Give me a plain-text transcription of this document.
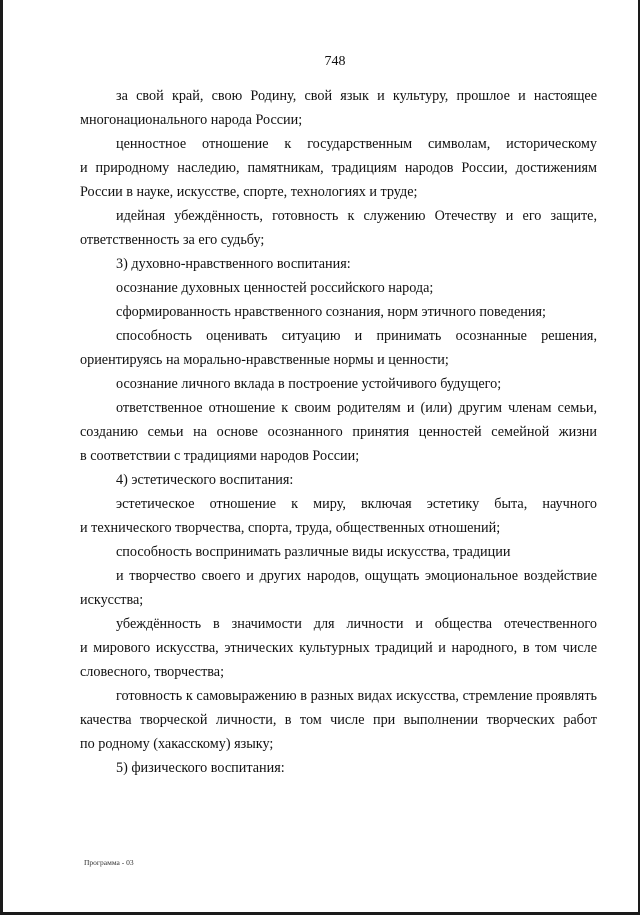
748
за свой край, свою Родину, свой язык и культуру, прошлое и настоящее
многонационального народа России;
ценностное отношение к государственным символам, историческому
и природному наследию, памятникам, традициям народов России, достижениям
России в науке, искусстве, спорте, технологиях и труде;
идейная убеждённость, готовность к служению Отечеству и его защите,
ответственность за его судьбу;
3) духовно-нравственного воспитания:
осознание духовных ценностей российского народа;
сформированность нравственного сознания, норм этичного поведения;
способность оценивать ситуацию и принимать осознанные решения,
ориентируясь на морально-нравственные нормы и ценности;
осознание личного вклада в построение устойчивого будущего;
ответственное отношение к своим родителям и (или) другим членам семьи,
созданию семьи на основе осознанного принятия ценностей семейной жизни
в соответствии с традициями народов России;
4) эстетического воспитания:
эстетическое отношение к миру, включая эстетику быта, научного
и технического творчества, спорта, труда, общественных отношений;
способность воспринимать различные виды искусства, традиции
и творчество своего и других народов, ощущать эмоциональное воздействие
искусства;
убеждённость в значимости для личности и общества отечественного
и мирового искусства, этнических культурных традиций и народного, в том числе
словесного, творчества;
готовность к самовыражению в разных видах искусства, стремление проявлять
качества творческой личности, в том числе при выполнении творческих работ
по родному (хакасскому) языку;
5) физического воспитания:
Программа - 03
